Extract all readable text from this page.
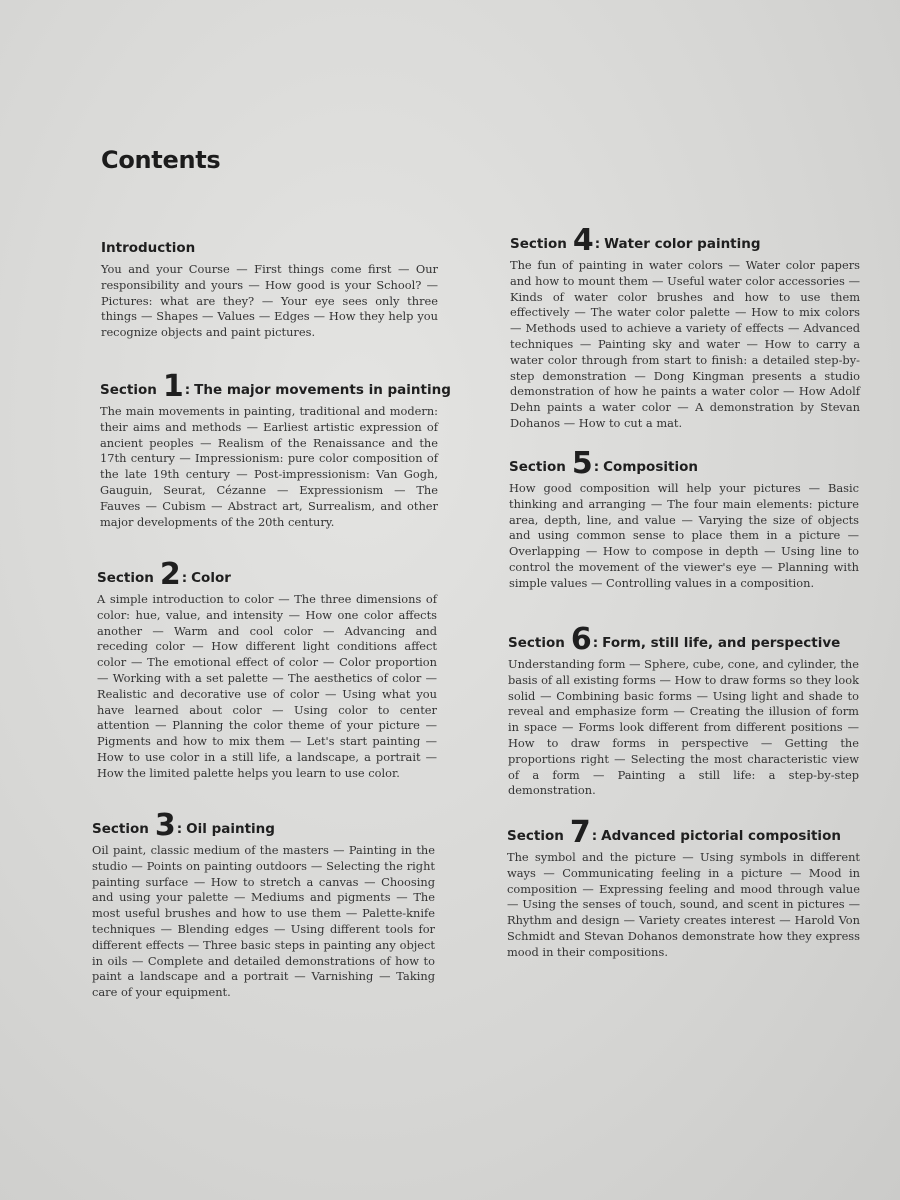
Contents
Introduction
You and your Course — First things come first — Our responsibility and yours — How good is your School? — Pictures: what are they? — Your eye sees only three things — Shapes — Values — Edges — How they help you recognize objects and paint pictures.
Section 1 : The major movements in painting
The main movements in painting, traditional and modern: their aims and methods — Earliest artistic expression of ancient peoples — Realism of the Renaissance and the 17th century — Impressionism: pure color composition of the late 19th century — Post-impressionism: Van Gogh, Gauguin, Seurat, Cézanne — Expressionism — The Fauves — Cubism — Abstract art, Surrealism, and other major developments of the 20th century.
Section 2 : Color
A simple introduction to color — The three dimensions of color: hue, value, and intensity — How one color affects another — Warm and cool color — Advancing and receding color — How different light conditions affect color — The emotional effect of color — Color proportion — Working with a set palette — The aesthetics of color — Realistic and decorative use of color — Using what you have learned about color — Using color to center attention — Planning the color theme of your picture — Pigments and how to mix them — Let's start painting — How to use color in a still life, a landscape, a portrait — How the limited palette helps you learn to use color.
Section 3 : Oil painting
Oil paint, classic medium of the masters — Painting in the studio — Points on painting outdoors — Selecting the right painting surface — How to stretch a canvas — Choosing and using your palette — Mediums and pigments — The most useful brushes and how to use them — Palette-knife techniques — Blending edges — Using different tools for different effects — Three basic steps in painting any object in oils — Complete and detailed demonstrations of how to paint a landscape and a portrait — Varnishing — Taking care of your equipment.
Section 4 : Water color painting
The fun of painting in water colors — Water color papers and how to mount them — Useful water color accessories — Kinds of water color brushes and how to use them effectively — The water color palette — How to mix colors — Methods used to achieve a variety of effects — Advanced techniques — Painting sky and water — How to carry a water color through from start to finish: a detailed step-by-step demonstration — Dong Kingman presents a studio demonstration of how he paints a water color — How Adolf Dehn paints a water color — A demonstration by Stevan Dohanos — How to cut a mat.
Section 5 : Composition
How good composition will help your pictures — Basic thinking and arranging — The four main elements: picture area, depth, line, and value — Varying the size of objects and using common sense to place them in a picture — Overlapping — How to compose in depth — Using line to control the movement of the viewer's eye — Planning with simple values — Controlling values in a composition.
Section 6 : Form, still life, and perspective
Understanding form — Sphere, cube, cone, and cylinder, the basis of all existing forms — How to draw forms so they look solid — Combining basic forms — Using light and shade to reveal and emphasize form — Creating the illusion of form in space — Forms look different from different positions — How to draw forms in perspective — Getting the proportions right — Selecting the most characteristic view of a form — Painting a still life: a step-by-step demonstration.
Section 7 : Advanced pictorial composition
The symbol and the picture — Using symbols in different ways — Communicating feeling in a picture — Mood in composition — Expressing feeling and mood through value — Using the senses of touch, sound, and scent in pictures — Rhythm and design — Variety creates interest — Harold Von Schmidt and Stevan Dohanos demonstrate how they express mood in their compositions.
